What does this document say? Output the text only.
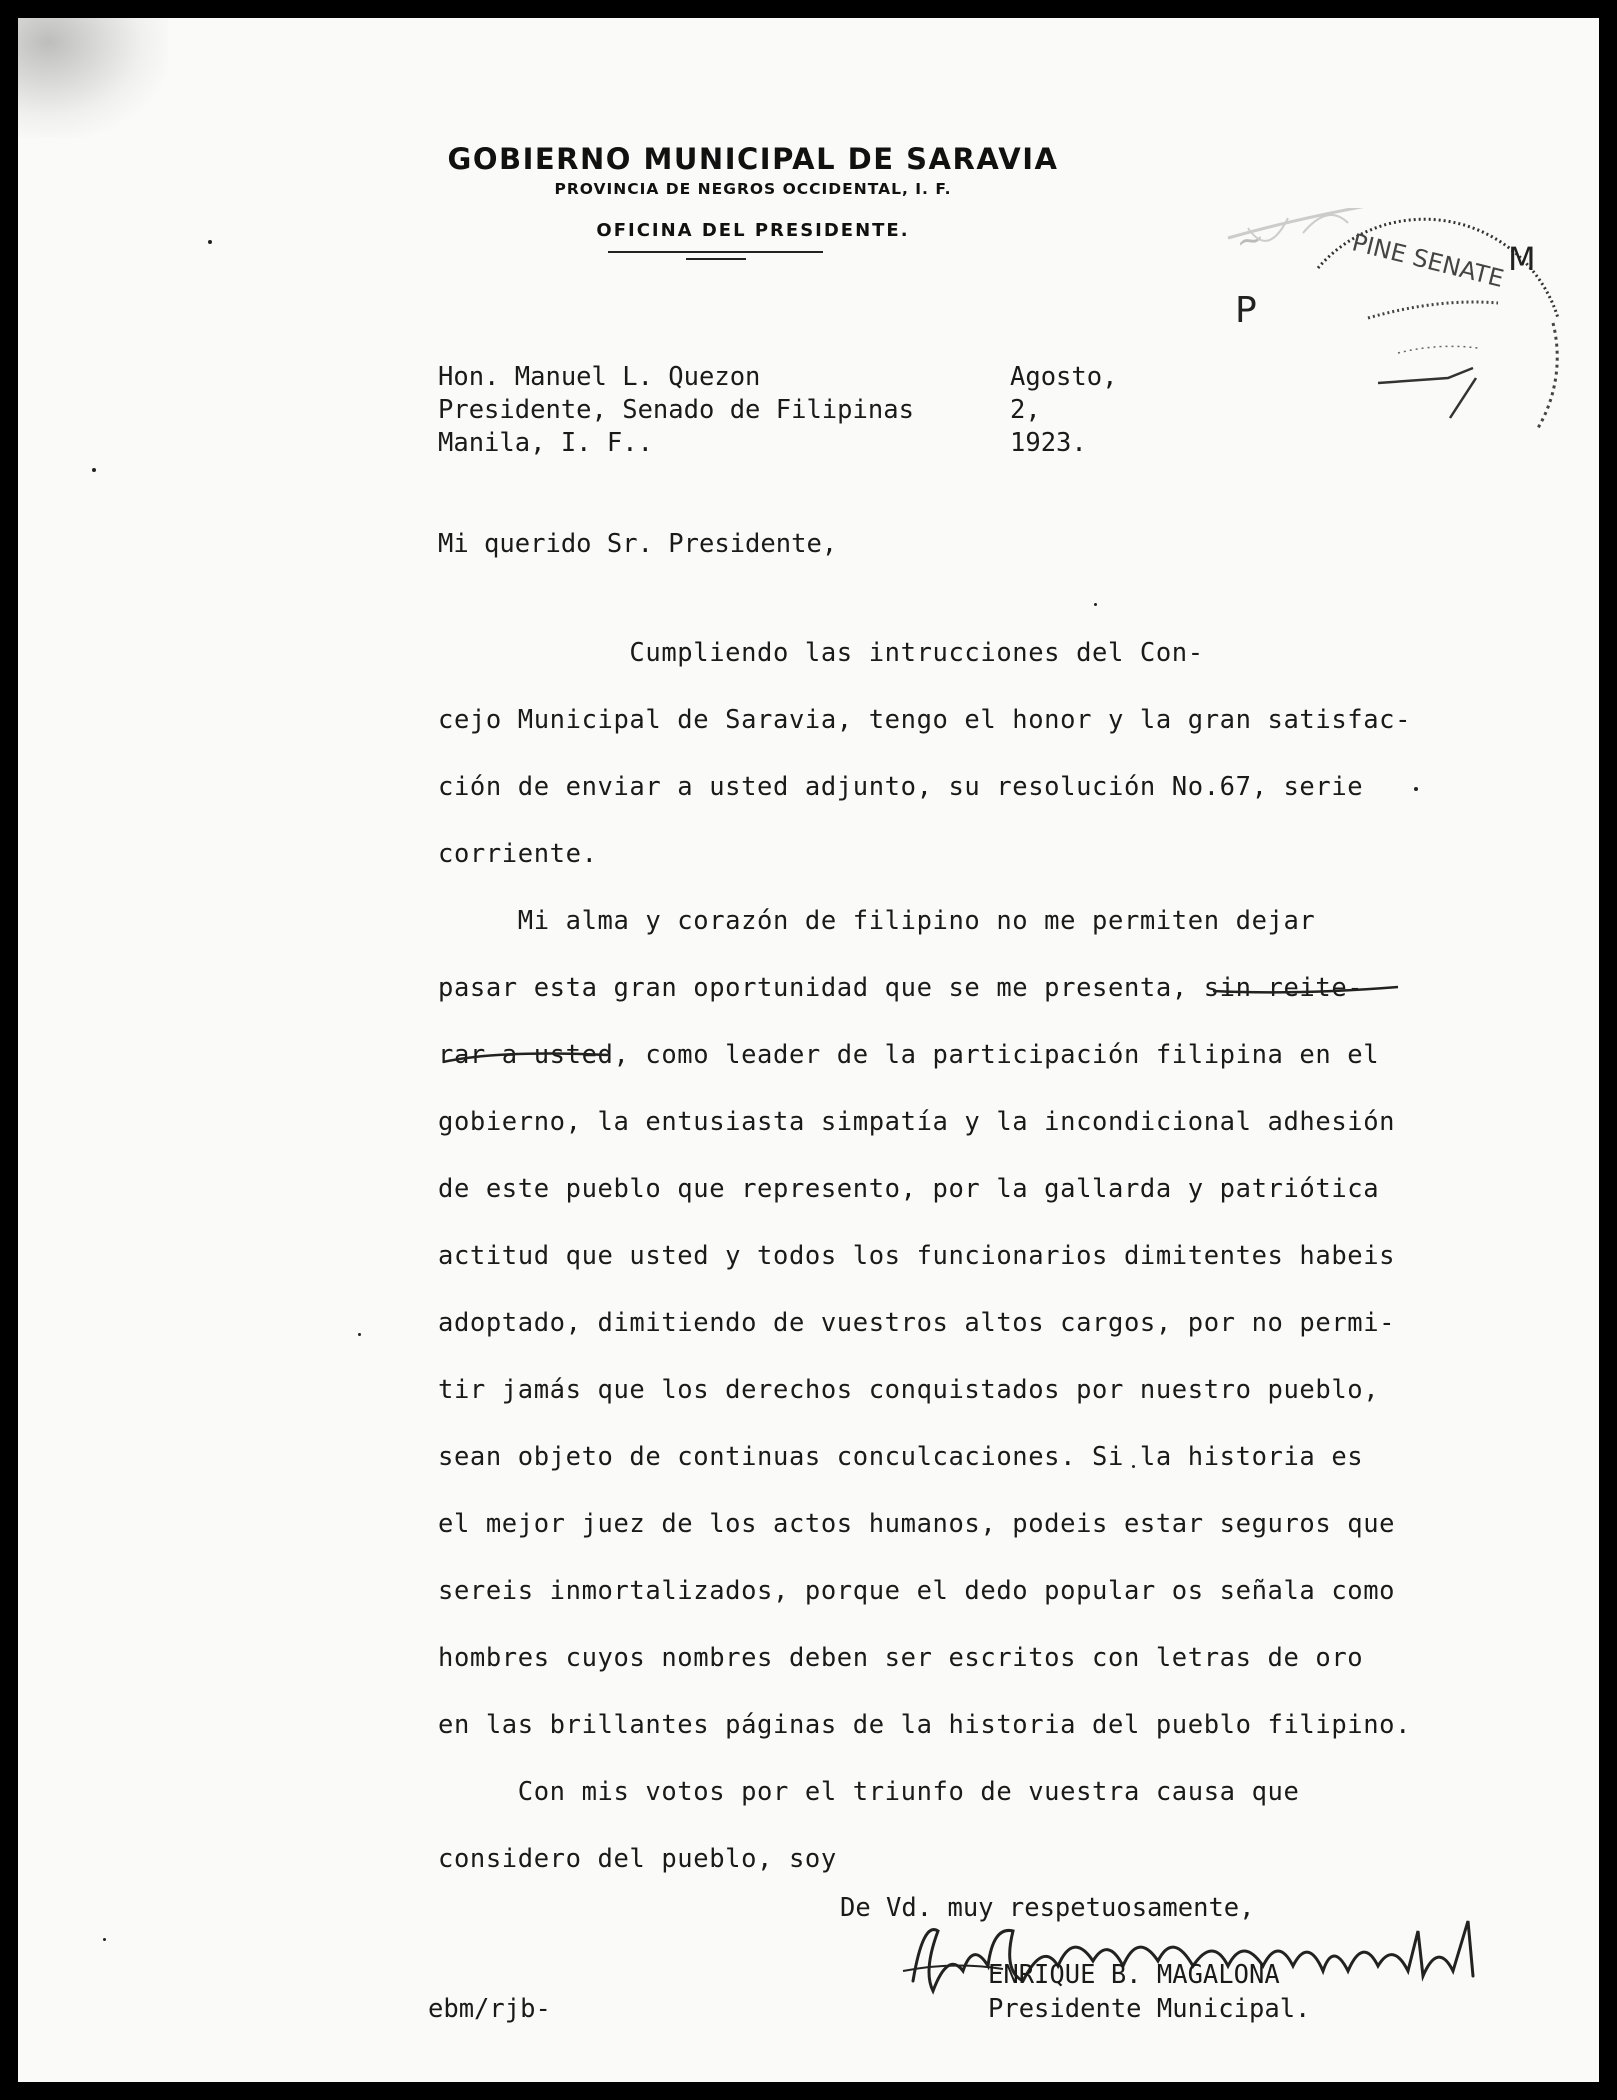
GOBIERNO MUNICIPAL DE SARAVIA
PROVINCIA DE NEGROS OCCIDENTAL, I. F.
OFICINA DEL PRESIDENTE.	PINE SENATE
~
P
M
Hon. Manuel L. Quezon
Presidente, Senado de Filipinas
Manila, I. F..
Agosto,
2,
1923.
Mi querido Sr. Presidente,
Cumpliendo las intrucciones del Con-
cejo Municipal de Saravia, tengo el honor y la gran satisfac-
ción de enviar a usted adjunto, su resolución No.67, serie
corriente.
Mi alma y corazón de filipino no me permiten dejar
pasar esta gran oportunidad que se me presenta, sin reite-
rar a usted, como leader de la participación filipina en el
gobierno, la entusiasta simpatía y la incondicional adhesión
de este pueblo que represento, por la gallarda y patriótica
actitud que usted y todos los funcionarios dimitentes habeis
adoptado, dimitiendo de vuestros altos cargos, por no permi-
tir jamás que los derechos conquistados por nuestro pueblo,
sean objeto de continuas conculcaciones. Si la historia es
el mejor juez de los actos humanos, podeis estar seguros que
sereis inmortalizados, porque el dedo popular os señala como
hombres cuyos nombres deben ser escritos con letras de oro
en las brillantes páginas de la historia del pueblo filipino.
Con mis votos por el triunfo de vuestra causa que
considero del pueblo, soy
De Vd. muy respetuosamente,
ENRIQUE B. MAGALONA
Presidente Municipal.
ebm/rjb-
